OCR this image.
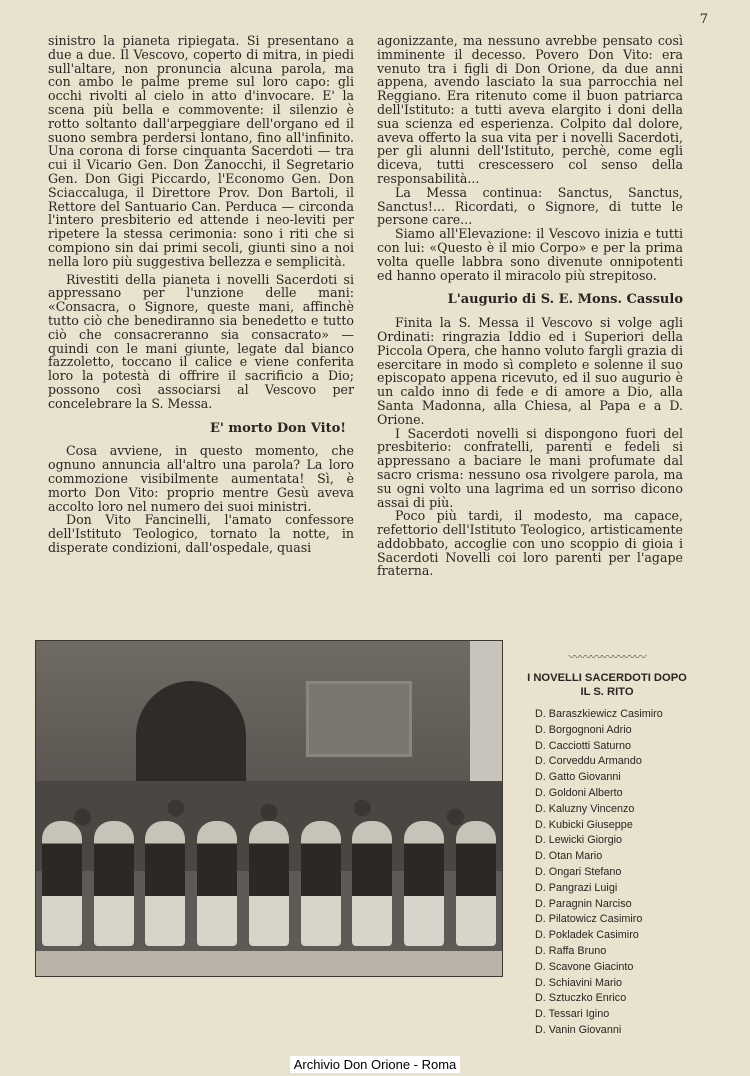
7

sinistro la pianeta ripiegata. Si presentano a due a due. Il Vescovo, coperto di mitra, in piedi sull'altare, non pronuncia alcuna parola, ma con ambo le palme preme sul loro capo: gli occhi rivolti al cielo in atto d'invocare. E' la scena più bella e commovente: il silenzio è rotto soltanto dall'arpeggiare dell'organo ed il suono sembra perdersi lontano, fino all'infinito. Una corona di forse cinquanta Sacerdoti — tra cui il Vicario Gen. Don Zanocchi, il Segretario Gen. Don Gigi Piccardo, l'Economo Gen. Don Sciaccaluga, il Direttore Prov. Don Bartoli, il Rettore del Santuario Can. Perduca — circonda l'intero presbiterio ed attende i neo-leviti per ripetere la stessa cerimonia: sono i riti che si compiono sin dai primi secoli, giunti sino a noi nella loro più suggestiva bellezza e semplicità.

Rivestiti della pianeta i novelli Sacerdoti si appressano per l'unzione delle mani: «Consacra, o Signore, queste mani, affinchè tutto ciò che benediranno sia benedetto e tutto ciò che consacreranno sia consacrato» — quindi con le mani giunte, legate dal bianco fazzoletto, toccano il calice e viene conferita loro la potestà di offrire il sacrificio a Dio; possono così associarsi al Vescovo per concelebrare la S. Messa.

E' morto Don Vito!

Cosa avviene, in questo momento, che ognuno annuncia all'altro una parola? La loro commozione visibilmente aumentata! Sì, è morto Don Vito: proprio mentre Gesù aveva accolto loro nel numero dei suoi ministri.

Don Vito Fancinelli, l'amato confessore dell'Istituto Teologico, tornato la notte, in disperate condizioni, dall'ospedale, quasi

agonizzante, ma nessuno avrebbe pensato così imminente il decesso. Povero Don Vito: era venuto tra i figli di Don Orione, da due anni appena, avendo lasciato la sua parrocchia nel Reggiano. Era ritenuto come il buon patriarca dell'Istituto: a tutti aveva elargito i doni della sua scienza ed esperienza. Colpito dal dolore, aveva offerto la sua vita per i novelli Sacerdoti, per gli alunni dell'Istituto, perchè, come egli diceva, tutti crescessero col senso della responsabilità...

La Messa continua: Sanctus, Sanctus, Sanctus!... Ricordati, o Signore, di tutte le persone care...

Siamo all'Elevazione: il Vescovo inizia e tutti con lui: «Questo è il mio Corpo» e per la prima volta quelle labbra sono divenute onnipotenti ed hanno operato il miracolo più strepitoso.

L'augurio di S. E. Mons. Cassulo

Finita la S. Messa il Vescovo si volge agli Ordinati: ringrazia Iddio ed i Superiori della Piccola Opera, che hanno voluto fargli grazia di esercitare in modo sì completo e solenne il suo episcopato appena ricevuto, ed il suo augurio è un caldo inno di fede e di amore a Dio, alla Santa Madonna, alla Chiesa, al Papa e a D. Orione.

I Sacerdoti novelli si dispongono fuori del presbiterio: confratelli, parenti e fedeli si appressano a baciare le mani profumate dal sacro crisma: nessuno osa rivolgere parola, ma su ogni volto una lagrima ed un sorriso dicono assai di più.

Poco più tardi, il modesto, ma capace, refettorio dell'Istituto Teologico, artisticamente addobbato, accoglie con uno scoppio di gioia i Sacerdoti Novelli coi loro parenti per l'agape fraterna.

〰〰〰〰〰〰〰
I NOVELLI SACERDOTI DOPO IL S. RITO
D. Baraszkiewicz Casimiro
D. Borgognoni Adrio
D. Cacciotti Saturno
D. Corveddu Armando
D. Gatto Giovanni
D. Goldoni Alberto
D. Kaluzny Vincenzo
D. Kubicki Giuseppe
D. Lewicki Giorgio
D. Otan Mario
D. Ongari Stefano
D. Pangrazi Luigi
D. Paragnin Narciso
D. Pilatowicz Casimiro
D. Pokladek Casimiro
D. Raffa Bruno
D. Scavone Giacinto
D. Schiavini Mario
D. Sztuczko Enrico
D. Tessari Igino
D. Vanin Giovanni
Archivio Don Orione - Roma
